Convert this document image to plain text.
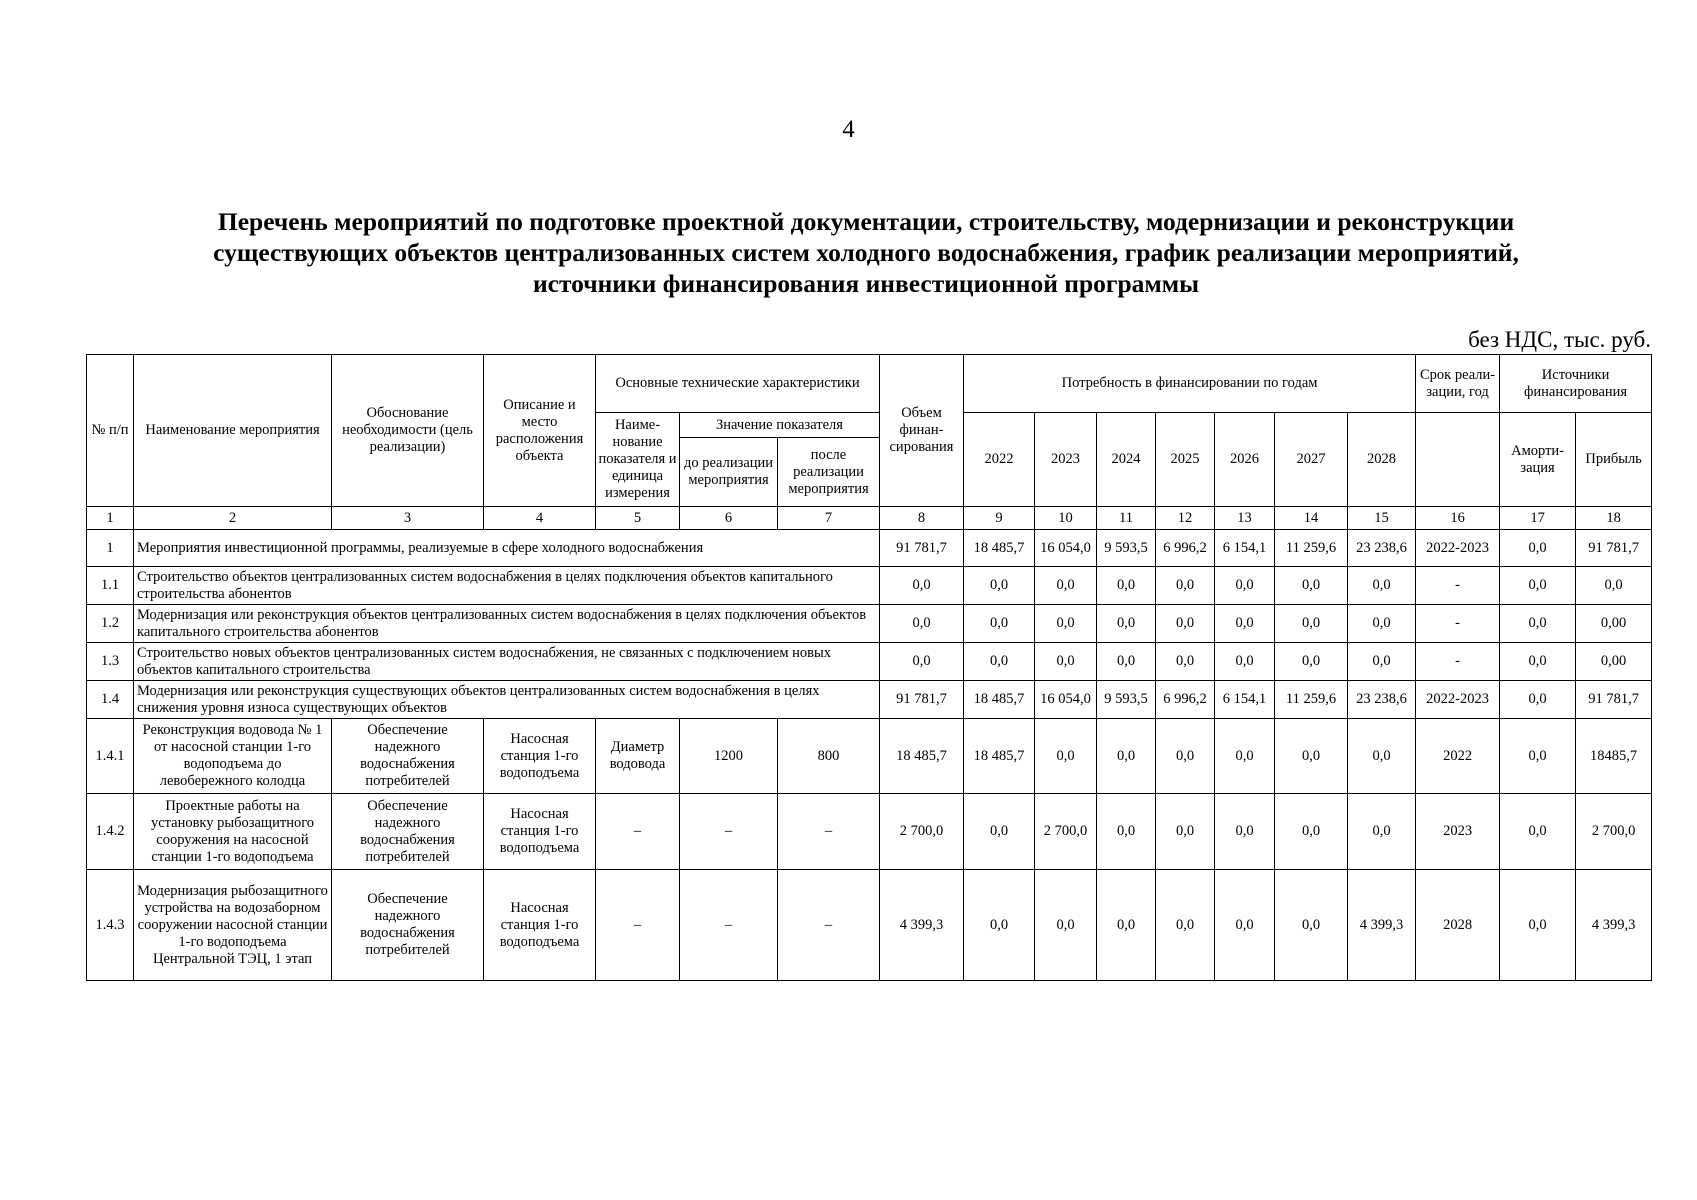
4
Перечень мероприятий по подготовке проектной документации, строительству, модернизации и реконструкции
существующих объектов централизованных систем холодного водоснабжения, график реализации мероприятий,
источники финансирования инвестиционной программы
без НДС, тыс. руб.
№ п/п	Наименование мероприятия	Обоснование необходимости (цель реализации)	Описание и место расположения объекта	Основные технические характеристики			Объем финан-сирования	Потребность в финансировании по годам							Срок реали-зации, год	Источники финансирования	
				Наиме-нование показателя и единица измерения	Значение показателя			2022	2023	2024	2025	2026	2027	2028		Аморти-зация	Прибыль
					до реализации мероприятия	после реализации мероприятия											
1	2	3	4	5	6	7	8	9	10	11	12	13	14	15	16	17	18
1	Мероприятия инвестиционной программы, реализуемые в сфере холодного водоснабжения						91 781,7	18 485,7	16 054,0	9 593,5	6 996,2	6 154,1	11 259,6	23 238,6	2022-2023	0,0	91 781,7
1.1	Строительство объектов централизованных систем водоснабжения в целях подключения объектов капитального строительства абонентов						0,0	0,0	0,0	0,0	0,0	0,0	0,0	0,0	-	0,0	0,0
1.2	Модернизация или реконструкция объектов централизованных систем водоснабжения в целях подключения объектов капитального строительства абонентов						0,0	0,0	0,0	0,0	0,0	0,0	0,0	0,0	-	0,0	0,00
1.3	Строительство новых объектов централизованных систем водоснабжения, не связанных с подключением новых объектов капитального строительства						0,0	0,0	0,0	0,0	0,0	0,0	0,0	0,0	-	0,0	0,00
1.4	Модернизация или реконструкция существующих объектов централизованных систем водоснабжения в целях снижения уровня износа существующих объектов						91 781,7	18 485,7	16 054,0	9 593,5	6 996,2	6 154,1	11 259,6	23 238,6	2022-2023	0,0	91 781,7
1.4.1	Реконструкция водовода № 1 от насосной станции 1-го водоподъема до левобережного колодца	Обеспечение надежного водоснабжения потребителей	Насосная станция 1-го водоподъема	Диаметр водовода	1200	800	18 485,7	18 485,7	0,0	0,0	0,0	0,0	0,0	0,0	2022	0,0	18485,7
1.4.2	Проектные работы на установку рыбозащитного сооружения на насосной станции 1-го водоподъема	Обеспечение надежного водоснабжения потребителей	Насосная станция 1-го водоподъема	–	–	–	2 700,0	0,0	2 700,0	0,0	0,0	0,0	0,0	0,0	2023	0,0	2 700,0
1.4.3	Модернизация рыбозащитного устройства на водозаборном сооружении насосной станции 1-го водоподъема Центральной ТЭЦ, 1 этап	Обеспечение надежного водоснабжения потребителей	Насосная станция 1-го водоподъема	–	–	–	4 399,3	0,0	0,0	0,0	0,0	0,0	0,0	4 399,3	2028	0,0	4 399,3
